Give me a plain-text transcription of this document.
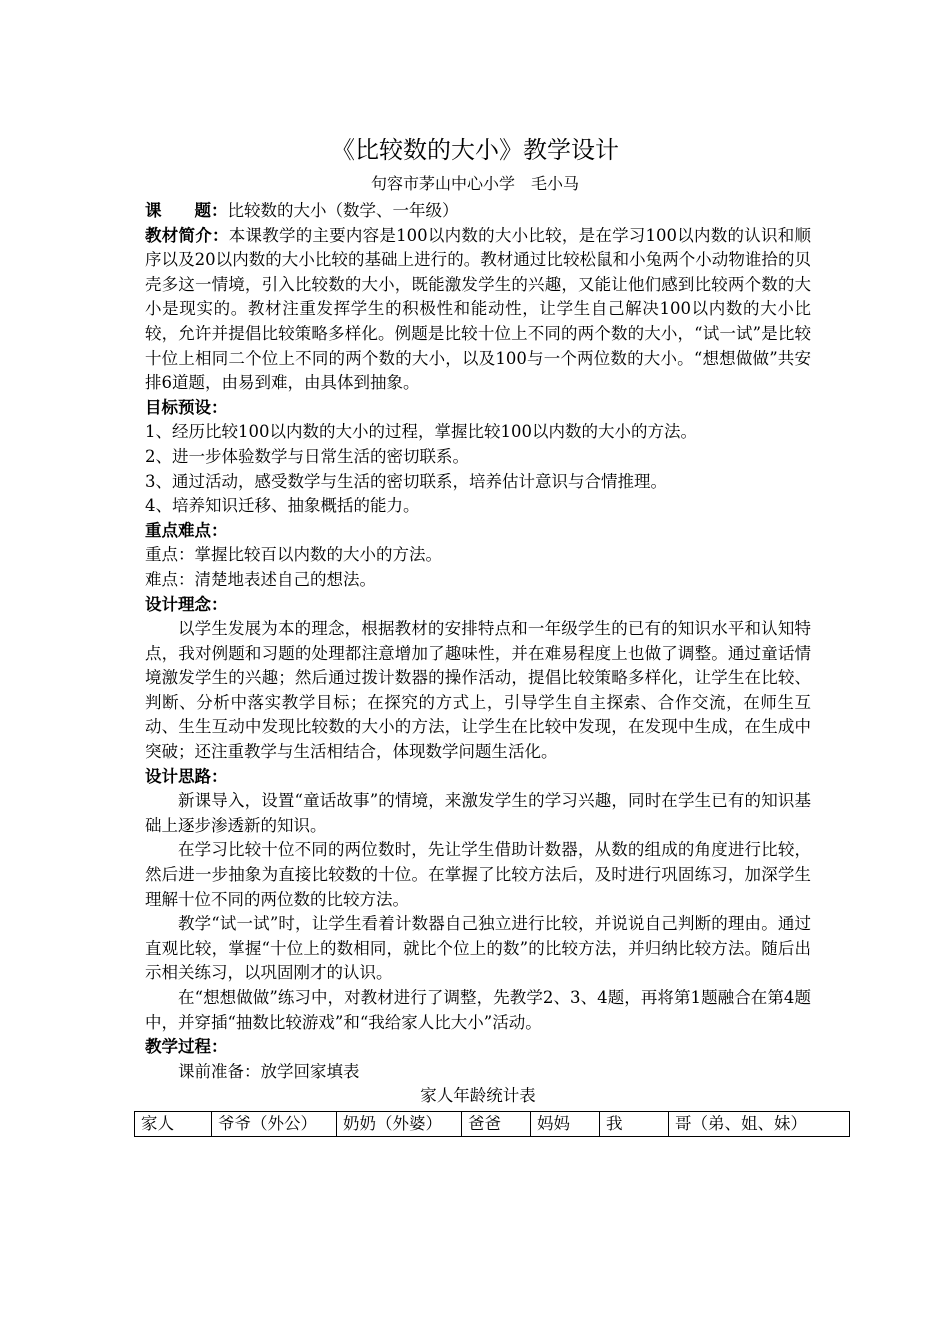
《比较数的大小》教学设计
句容市茅山中心小学　毛小马

课　　题：比较数的大小（数学、一年级）

教材简介：本课教学的主要内容是100以内数的大小比较，是在学习100以内数的认识和顺序以及20以内数的大小比较的基础上进行的。教材通过比较松鼠和小兔两个小动物谁拾的贝壳多这一情境，引入比较数的大小，既能激发学生的兴趣，又能让他们感到比较两个数的大小是现实的。教材注重发挥学生的积极性和能动性，让学生自己解决100以内数的大小比较，允许并提倡比较策略多样化。例题是比较十位上不同的两个数的大小，“试一试”是比较十位上相同二个位上不同的两个数的大小，以及100与一个两位数的大小。“想想做做”共安排6道题，由易到难，由具体到抽象。

目标预设：

1、经历比较100以内数的大小的过程，掌握比较100以内数的大小的方法。

2、进一步体验数学与日常生活的密切联系。

3、通过活动，感受数学与生活的密切联系，培养估计意识与合情推理。

4、培养知识迁移、抽象概括的能力。

重点难点：

重点：掌握比较百以内数的大小的方法。

难点：清楚地表述自己的想法。

设计理念：

以学生发展为本的理念，根据教材的安排特点和一年级学生的已有的知识水平和认知特点，我对例题和习题的处理都注意增加了趣味性，并在难易程度上也做了调整。通过童话情境激发学生的兴趣；然后通过拨计数器的操作活动，提倡比较策略多样化，让学生在比较、判断、分析中落实教学目标；在探究的方式上，引导学生自主探索、合作交流，在师生互动、生生互动中发现比较数的大小的方法，让学生在比较中发现，在发现中生成，在生成中突破；还注重教学与生活相结合，体现数学问题生活化。

设计思路：

新课导入，设置“童话故事”的情境，来激发学生的学习兴趣，同时在学生已有的知识基础上逐步渗透新的知识。

在学习比较十位不同的两位数时，先让学生借助计数器，从数的组成的角度进行比较，然后进一步抽象为直接比较数的十位。在掌握了比较方法后，及时进行巩固练习，加深学生理解十位不同的两位数的比较方法。

教学“试一试”时，让学生看着计数器自己独立进行比较，并说说自己判断的理由。通过直观比较，掌握“十位上的数相同，就比个位上的数”的比较方法，并归纳比较方法。随后出示相关练习，以巩固刚才的认识。

在“想想做做”练习中，对教材进行了调整，先教学2、3、4题，再将第1题融合在第4题中，并穿插“抽数比较游戏”和“我给家人比大小”活动。

教学过程：

课前准备：放学回家填表

家人年龄统计表

家人	爷爷（外公）	奶奶（外婆）	爸爸	妈妈	我	哥（弟、姐、妹）
